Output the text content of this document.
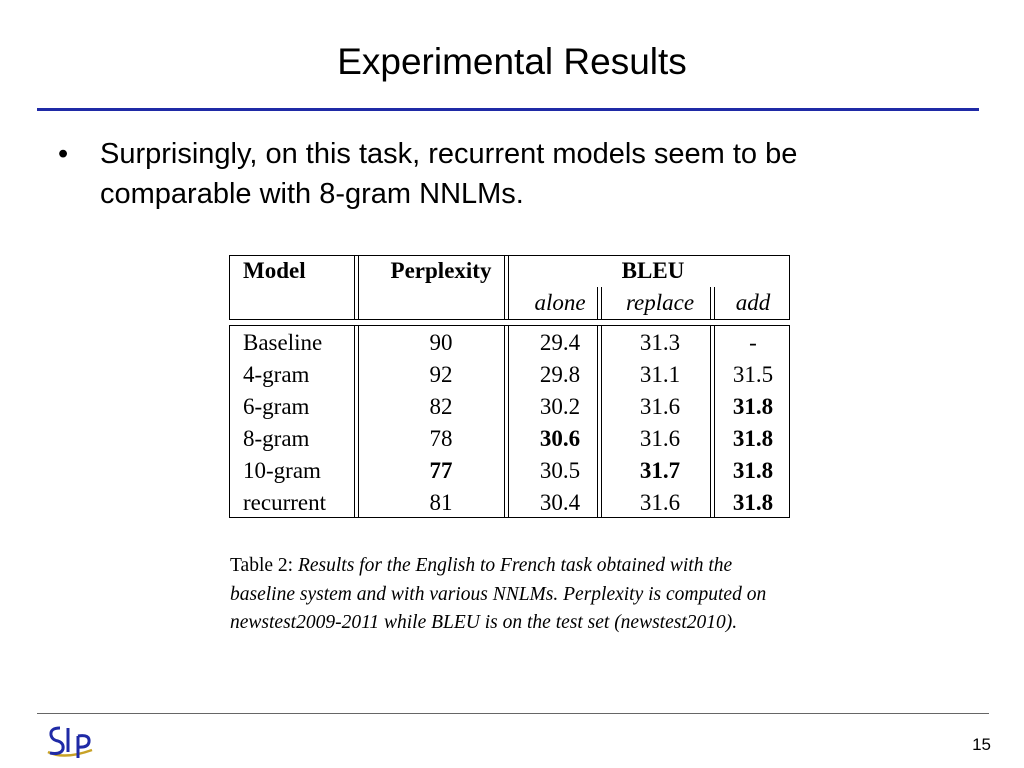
Experimental Results
•	Surprisingly, on this task, recurrent models seem to be
comparable with 8-gram NNLMs.
Model	Perplexity	BLEU		
		alone	replace	add

Baseline	90	29.4	31.3	-
4-gram	92	29.8	31.1	31.5
6-gram	82	30.2	31.6	31.8
8-gram	78	30.6	31.6	31.8
10-gram	77	30.5	31.7	31.8
recurrent	81	30.4	31.6	31.8
Table 2: Results for the English to French task obtained with the baseline system and with various NNLMs. Perplexity is computed on newstest2009-2011 while BLEU is on the test set (newstest2010).
15
